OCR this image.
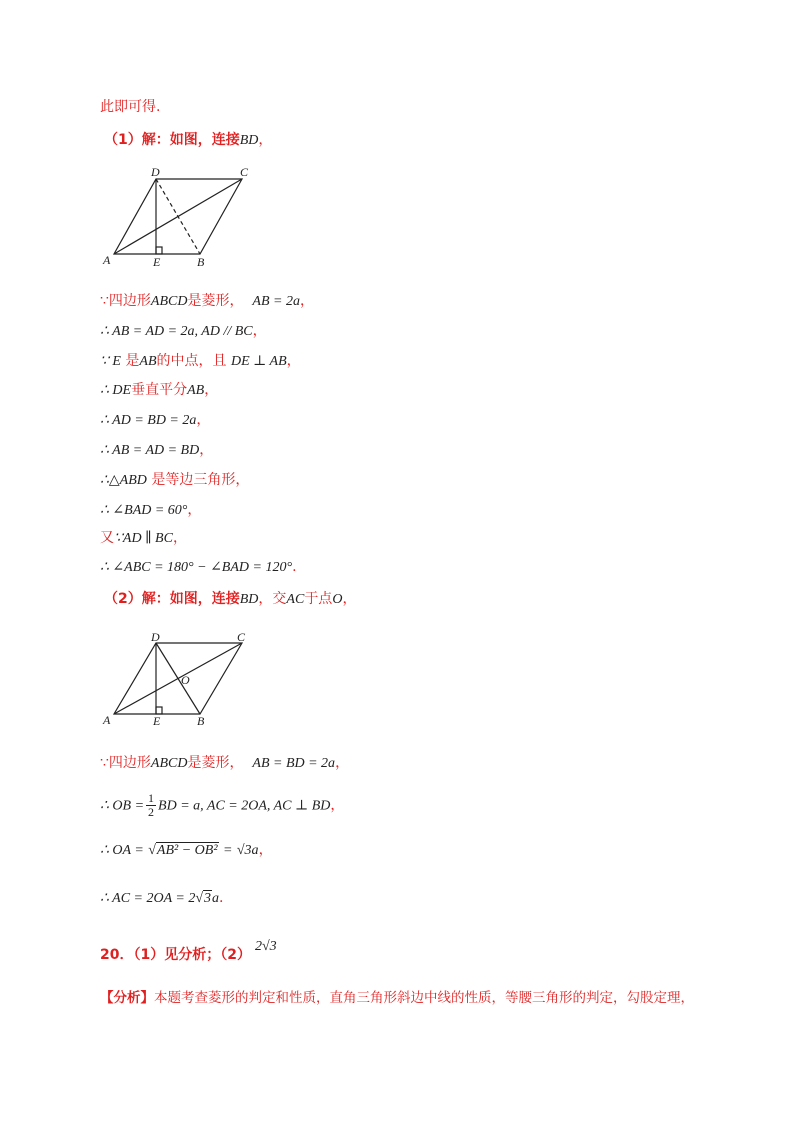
此即可得.
（1）解：如图，连接BD，
A	E	B
C
D
∵四边形ABCD是菱形， AB = 2a，
∴ AB = AD = 2a, AD // BC，
∵ E 是AB的中点，且 DE ⊥ AB，
∴ DE垂直平分AB，
∴ AD = BD = 2a，
∴ AB = AD = BD，
∴△ABD 是等边三角形，
∴ ∠BAD = 60°，
又∵AD ∥ BC，
∴ ∠ABC = 180° − ∠BAD = 120°.
（2）解：如图，连接BD，交AC于点O，
A	E	B
C
D
O
∵四边形ABCD是菱形， AB = BD = 2a，
∴ OB = $\frac{1}{2}$ BD = a, AC = 2OA, AC ⊥ BD，
∴ OA = √AB² − OB² = √3a，
∴ AC = 2OA = 2√3a.
20．（1）见分析；（2）2√3
【分析】本题考查菱形的判定和性质，直角三角形斜边中线的性质，等腰三角形的判定，勾股定理，
